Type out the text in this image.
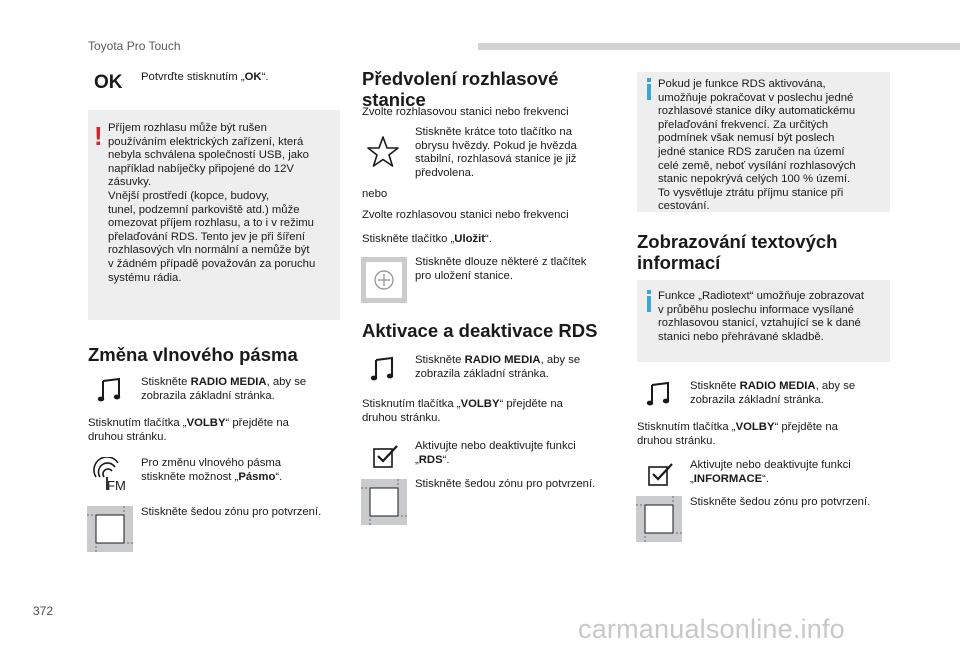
Toyota Pro Touch
OK Potvrďte stisknutím „OK“.
! Příjem rozhlasu může být rušen
používáním elektrických zařízení, která
nebyla schválena společností USB, jako
například nabíječky připojené do 12V
zásuvky.
Vnější prostředí (kopce, budovy,
tunel, podzemní parkoviště atd.) může
omezovat příjem rozhlasu, a to i v režimu
přelaďování RDS. Tento jev je při šíření
rozhlasových vln normální a nemůže být
v žádném případě považován za poruchu
systému rádia.
Změna vlnového pásma
Stiskněte RADIO MEDIA, aby se
zobrazila základní stránka.
Stisknutím tlačítka „VOLBY“ přejděte na
druhou stránku.
FM
Pro změnu vlnového pásma
stiskněte možnost „Pásmo“.
Stiskněte šedou zónu pro potvrzení.
Předvolení rozhlasové
stanice
Zvolte rozhlasovou stanici nebo frekvenci
Stiskněte krátce toto tlačítko na
obrysu hvězdy. Pokud je hvězda
stabilní, rozhlasová stanice je již
předvolena.
nebo
Zvolte rozhlasovou stanici nebo frekvenci
Stiskněte tlačítko „Uložit“.
Stiskněte dlouze některé z tlačítek
pro uložení stanice.
Aktivace a deaktivace RDS
Stiskněte RADIO MEDIA, aby se
zobrazila základní stránka.
Stisknutím tlačítka „VOLBY“ přejděte na
druhou stránku.
Aktivujte nebo deaktivujte funkci
„RDS“.
Stiskněte šedou zónu pro potvrzení.
Pokud je funkce RDS aktivována,
umožňuje pokračovat v poslechu jedné
rozhlasové stanice díky automatickému
přelaďování frekvencí. Za určitých
podmínek však nemusí být poslech
jedné stanice RDS zaručen na území
celé země, neboť vysílání rozhlasových
stanic nepokrývá celých 100 % území.
To vysvětluje ztrátu příjmu stanice při
cestování.
Zobrazování textových
informací
Funkce „Radiotext“ umožňuje zobrazovat
v průběhu poslechu informace vysílané
rozhlasovou stanicí, vztahující se k dané
stanici nebo přehrávané skladbě.
Stiskněte RADIO MEDIA, aby se
zobrazila základní stránka.
Stisknutím tlačítka „VOLBY“ přejděte na
druhou stránku.
Aktivujte nebo deaktivujte funkci
„INFORMACE“.
Stiskněte šedou zónu pro potvrzení.
372
carmanualsonline.info
